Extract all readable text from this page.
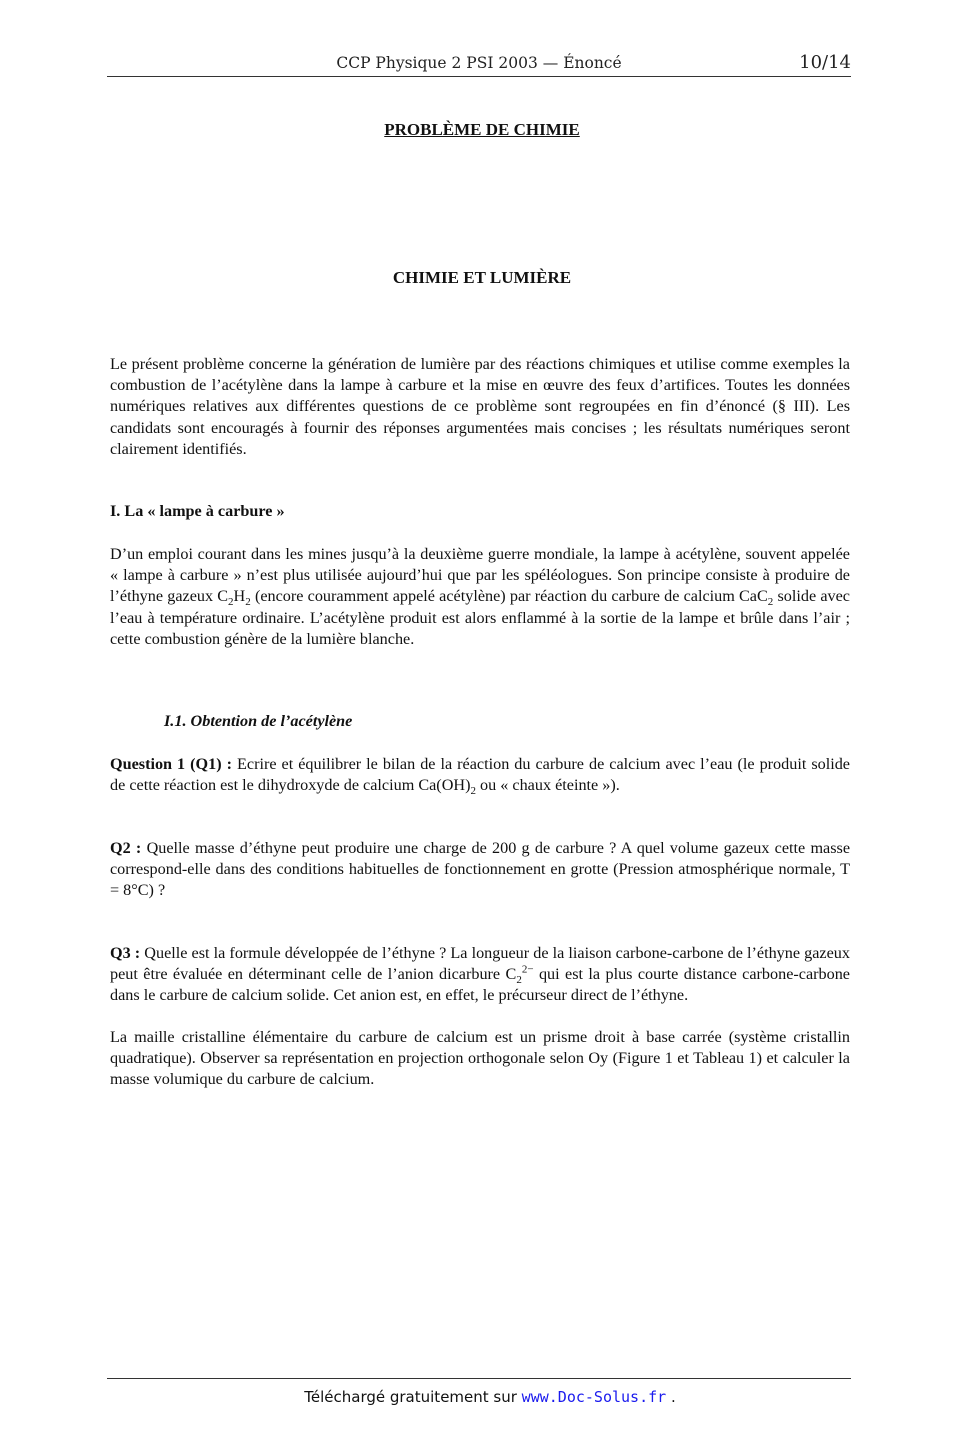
CCP Physique 2 PSI 2003 — Énoncé	10/14
PROBLÈME DE CHIMIE
CHIMIE ET LUMIÈRE

Le présent problème concerne la génération de lumière par des réactions chimiques et utilise comme exemples la combustion de l’acétylène dans la lampe à carbure et la mise en œuvre des feux d’artifices. Toutes les données numériques relatives aux différentes questions de ce problème sont regroupées en fin d’énoncé (§ III). Les candidats sont encouragés à fournir des réponses argumentées mais concises ; les résultats numériques seront clairement identifiés.

I. La « lampe à carbure »

D’un emploi courant dans les mines jusqu’à la deuxième guerre mondiale, la lampe à acétylène, souvent appelée « lampe à carbure » n’est plus utilisée aujourd’hui que par les spéléologues. Son principe consiste à produire de l’éthyne gazeux $C_2H_2$ (encore couramment appelé acétylène) par réaction du carbure de calcium CaC$_2$ solide avec l’eau à température ordinaire. L’acétylène produit est alors enflammé à la sortie de la lampe et brûle dans l’air ; cette combustion génère de la lumière blanche.

I.1. Obtention de l’acétylène

Question 1 (Q1) : Ecrire et équilibrer le bilan de la réaction du carbure de calcium avec l’eau (le produit solide de cette réaction est le dihydroxyde de calcium $Ca(OH)_2$ ou « chaux éteinte »).

Q2 : Quelle masse d’éthyne peut produire une charge de 200 g de carbure ? A quel volume gazeux cette masse correspond-elle dans des conditions habituelles de fonctionnement en grotte (Pression atmosphérique normale, T = 8°C) ?

Q3 : Quelle est la formule développée de l’éthyne ? La longueur de la liaison carbone-carbone de l’éthyne gazeux peut être évaluée en déterminant celle de l’anion dicarbure $C_2^{2-}$ qui est la plus courte distance carbone-carbone dans le carbure de calcium solide. Cet anion est, en effet, le précurseur direct de l’éthyne.

La maille cristalline élémentaire du carbure de calcium est un prisme droit à base carrée (système cristallin quadratique). Observer sa représentation en projection orthogonale selon Oy (Figure 1 et Tableau 1) et calculer la masse volumique du carbure de calcium.

Téléchargé gratuitement sur www.Doc-Solus.fr .
